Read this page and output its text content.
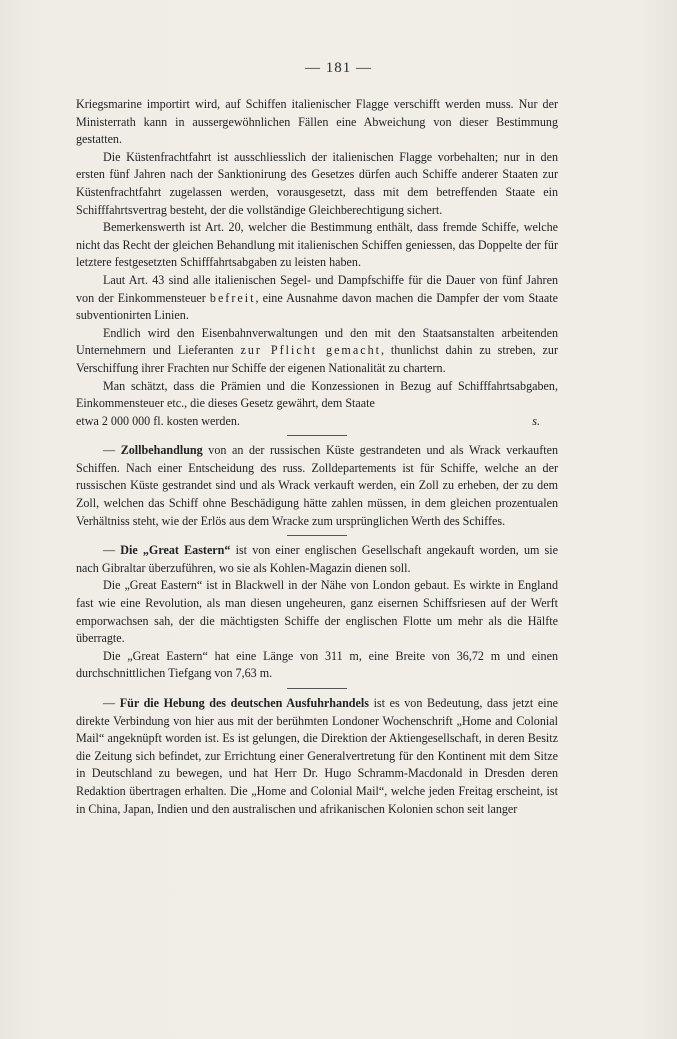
— 181 —

Kriegsmarine importirt wird, auf Schiffen italienischer Flagge verschifft werden muss. Nur der Ministerrath kann in aussergewöhnlichen Fällen eine Abweichung von dieser Bestimmung gestatten.

Die Küstenfrachtfahrt ist ausschliesslich der italienischen Flagge vorbehalten; nur in den ersten fünf Jahren nach der Sanktionirung des Gesetzes dürfen auch Schiffe anderer Staaten zur Küstenfrachtfahrt zugelassen werden, vorausgesetzt, dass mit dem betreffenden Staate ein Schifffahrtsvertrag besteht, der die vollständige Gleichberechtigung sichert.

Bemerkenswerth ist Art. 20, welcher die Bestimmung enthält, dass fremde Schiffe, welche nicht das Recht der gleichen Behandlung mit italienischen Schiffen geniessen, das Doppelte der für letztere festgesetzten Schifffahrtsabgaben zu leisten haben.

Laut Art. 43 sind alle italienischen Segel- und Dampfschiffe für die Dauer von fünf Jahren von der Einkommensteuer befreit, eine Ausnahme davon machen die Dampfer der vom Staate subventionirten Linien.

Endlich wird den Eisenbahnverwaltungen und den mit den Staatsanstalten arbeitenden Unternehmern und Lieferanten zur Pflicht gemacht, thunlichst dahin zu streben, zur Verschiffung ihrer Frachten nur Schiffe der eigenen Nationalität zu chartern.

Man schätzt, dass die Prämien und die Konzessionen in Bezug auf Schifffahrtsabgaben, Einkommensteuer etc., die dieses Gesetz gewährt, dem Staate

etwa 2 000 000 fl. kosten werden.	s.

— Zollbehandlung von an der russischen Küste gestrandeten und als Wrack verkauften Schiffen. Nach einer Entscheidung des russ. Zolldepartements ist für Schiffe, welche an der russischen Küste gestrandet sind und als Wrack verkauft werden, ein Zoll zu erheben, der zu dem Zoll, welchen das Schiff ohne Beschädigung hätte zahlen müssen, in dem gleichen prozentualen Verhältniss steht, wie der Erlös aus dem Wracke zum ursprünglichen Werth des Schiffes.

— Die „Great Eastern“ ist von einer englischen Gesellschaft angekauft worden, um sie nach Gibraltar überzuführen, wo sie als Kohlen-Magazin dienen soll.

Die „Great Eastern“ ist in Blackwell in der Nähe von London gebaut. Es wirkte in England fast wie eine Revolution, als man diesen ungeheuren, ganz eisernen Schiffsriesen auf der Werft emporwachsen sah, der die mächtigsten Schiffe der englischen Flotte um mehr als die Hälfte überragte.

Die „Great Eastern“ hat eine Länge von 311 m, eine Breite von 36,72 m und einen durchschnittlichen Tiefgang von 7,63 m.

— Für die Hebung des deutschen Ausfuhrhandels ist es von Bedeutung, dass jetzt eine direkte Verbindung von hier aus mit der berühmten Londoner Wochenschrift „Home and Colonial Mail“ angeknüpft worden ist. Es ist gelungen, die Direktion der Aktiengesellschaft, in deren Besitz die Zeitung sich befindet, zur Errichtung einer Generalvertretung für den Kontinent mit dem Sitze in Deutschland zu bewegen, und hat Herr Dr. Hugo Schramm-Macdonald in Dresden deren Redaktion übertragen erhalten. Die „Home and Colonial Mail“, welche jeden Freitag erscheint, ist in China, Japan, Indien und den australischen und afrikanischen Kolonien schon seit langer
